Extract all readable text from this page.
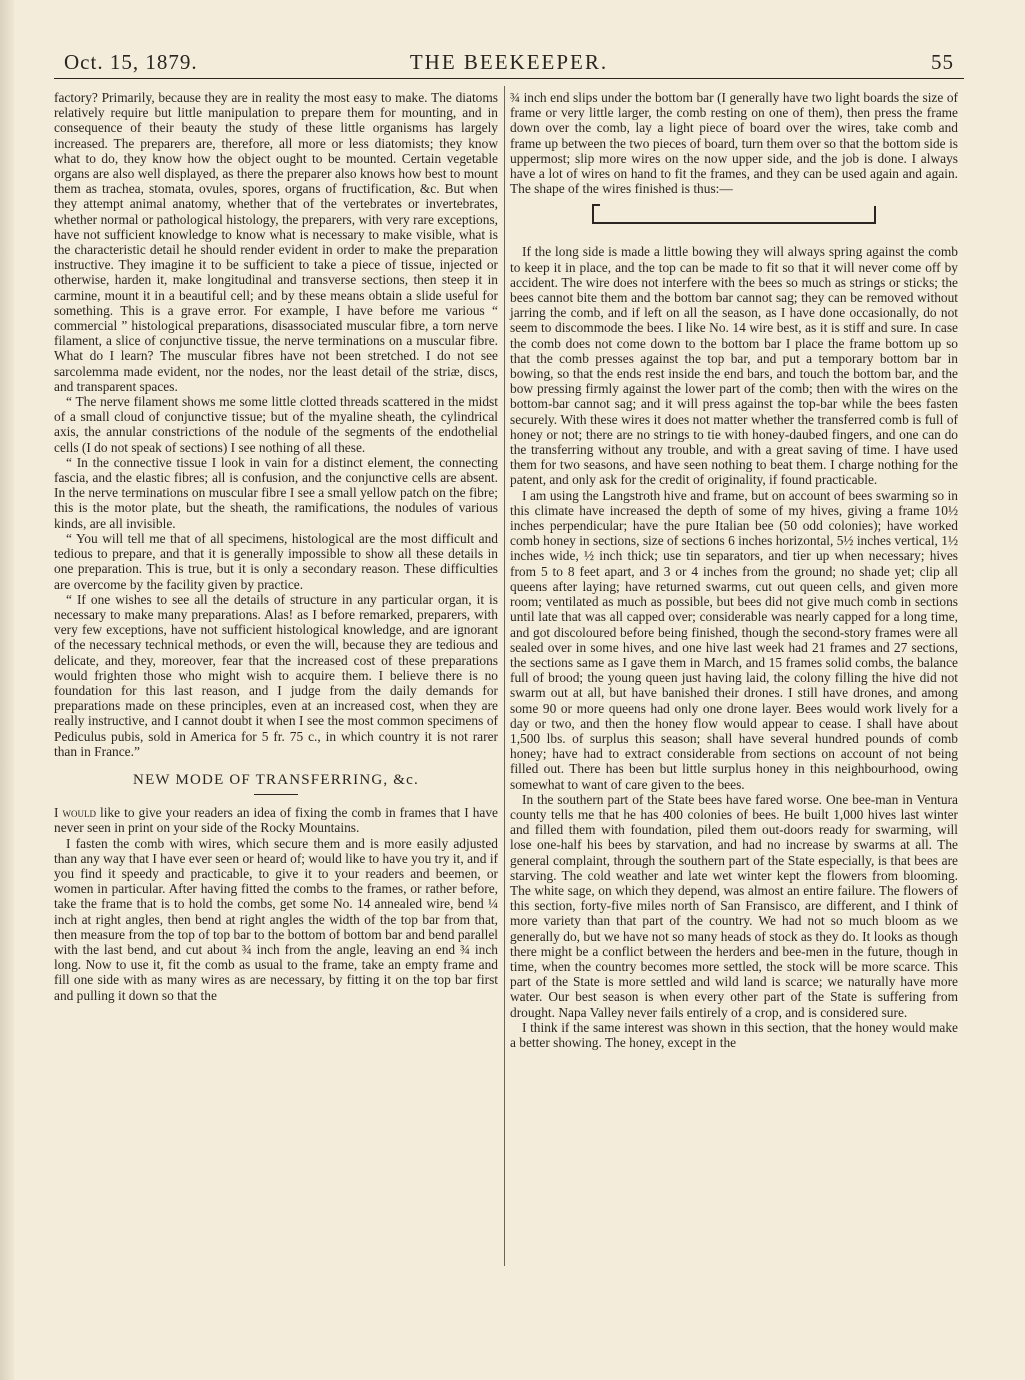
Oct. 15, 1879.	THE BEEKEEPER.	55

factory? Primarily, because they are in reality the most easy to make. The diatoms relatively require but little manipulation to prepare them for mounting, and in consequence of their beauty the study of these little organisms has largely increased. The preparers are, therefore, all more or less diatomists; they know what to do, they know how the object ought to be mounted. Certain vegetable organs are also well displayed, as there the preparer also knows how best to mount them as trachea, stomata, ovules, spores, organs of fructification, &c. But when they attempt animal anatomy, whether that of the vertebrates or invertebrates, whether normal or pathological histology, the preparers, with very rare exceptions, have not sufficient knowledge to know what is necessary to make visible, what is the characteristic detail he should render evident in order to make the preparation instructive. They imagine it to be sufficient to take a piece of tissue, injected or otherwise, harden it, make longitudinal and transverse sections, then steep it in carmine, mount it in a beautiful cell; and by these means obtain a slide useful for something. This is a grave error. For example, I have before me various “ commercial ” histological preparations, disassociated muscular fibre, a torn nerve filament, a slice of conjunctive tissue, the nerve terminations on a muscular fibre. What do I learn? The muscular fibres have not been stretched. I do not see sarcolemma made evident, nor the nodes, nor the least detail of the striæ, discs, and transparent spaces.

“ The nerve filament shows me some little clotted threads scattered in the midst of a small cloud of conjunctive tissue; but of the myaline sheath, the cylindrical axis, the annular constrictions of the nodule of the segments of the endothelial cells (I do not speak of sections) I see nothing of all these.

“ In the connective tissue I look in vain for a distinct element, the connecting fascia, and the elastic fibres; all is confusion, and the conjunctive cells are absent. In the nerve terminations on muscular fibre I see a small yellow patch on the fibre; this is the motor plate, but the sheath, the ramifications, the nodules of various kinds, are all invisible.

“ You will tell me that of all specimens, histological are the most difficult and tedious to prepare, and that it is generally impossible to show all these details in one preparation. This is true, but it is only a secondary reason. These difficulties are overcome by the facility given by practice.

“ If one wishes to see all the details of structure in any particular organ, it is necessary to make many preparations. Alas! as I before remarked, preparers, with very few exceptions, have not sufficient histological knowledge, and are ignorant of the necessary technical methods, or even the will, because they are tedious and delicate, and they, moreover, fear that the increased cost of these preparations would frighten those who might wish to acquire them. I believe there is no foundation for this last reason, and I judge from the daily demands for preparations made on these principles, even at an increased cost, when they are really instructive, and I cannot doubt it when I see the most common specimens of Pediculus pubis, sold in America for 5 fr. 75 c., in which country it is not rarer than in France.”

NEW MODE OF TRANSFERRING, &c.

I would like to give your readers an idea of fixing the comb in frames that I have never seen in print on your side of the Rocky Mountains.

I fasten the comb with wires, which secure them and is more easily adjusted than any way that I have ever seen or heard of; would like to have you try it, and if you find it speedy and practicable, to give it to your readers and beemen, or women in particular. After having fitted the combs to the frames, or rather before, take the frame that is to hold the combs, get some No. 14 annealed wire, bend ¼ inch at right angles, then bend at right angles the width of the top bar from that, then measure from the top of top bar to the bottom of bottom bar and bend parallel with the last bend, and cut about ¾ inch from the angle, leaving an end ¾ inch long. Now to use it, fit the comb as usual to the frame, take an empty frame and fill one side with as many wires as are necessary, by fitting it on the top bar first and pulling it down so that the

¾ inch end slips under the bottom bar (I generally have two light boards the size of frame or very little larger, the comb resting on one of them), then press the frame down over the comb, lay a light piece of board over the wires, take comb and frame up between the two pieces of board, turn them over so that the bottom side is uppermost; slip more wires on the now upper side, and the job is done. I always have a lot of wires on hand to fit the frames, and they can be used again and again. The shape of the wires finished is thus:—

If the long side is made a little bowing they will always spring against the comb to keep it in place, and the top can be made to fit so that it will never come off by accident. The wire does not interfere with the bees so much as strings or sticks; the bees cannot bite them and the bottom bar cannot sag; they can be removed without jarring the comb, and if left on all the season, as I have done occasionally, do not seem to discommode the bees. I like No. 14 wire best, as it is stiff and sure. In case the comb does not come down to the bottom bar I place the frame bottom up so that the comb presses against the top bar, and put a temporary bottom bar in bowing, so that the ends rest inside the end bars, and touch the bottom bar, and the bow pressing firmly against the lower part of the comb; then with the wires on the bottom-bar cannot sag; and it will press against the top-bar while the bees fasten securely. With these wires it does not matter whether the transferred comb is full of honey or not; there are no strings to tie with honey-daubed fingers, and one can do the transferring without any trouble, and with a great saving of time. I have used them for two seasons, and have seen nothing to beat them. I charge nothing for the patent, and only ask for the credit of originality, if found practicable.

I am using the Langstroth hive and frame, but on account of bees swarming so in this climate have increased the depth of some of my hives, giving a frame 10½ inches perpendicular; have the pure Italian bee (50 odd colonies); have worked comb honey in sections, size of sections 6 inches horizontal, 5½ inches vertical, 1½ inches wide, ½ inch thick; use tin separators, and tier up when necessary; hives from 5 to 8 feet apart, and 3 or 4 inches from the ground; no shade yet; clip all queens after laying; have returned swarms, cut out queen cells, and given more room; ventilated as much as possible, but bees did not give much comb in sections until late that was all capped over; considerable was nearly capped for a long time, and got discoloured before being finished, though the second-story frames were all sealed over in some hives, and one hive last week had 21 frames and 27 sections, the sections same as I gave them in March, and 15 frames solid combs, the balance full of brood; the young queen just having laid, the colony filling the hive did not swarm out at all, but have banished their drones. I still have drones, and among some 90 or more queens had only one drone layer. Bees would work lively for a day or two, and then the honey flow would appear to cease. I shall have about 1,500 lbs. of surplus this season; shall have several hundred pounds of comb honey; have had to extract considerable from sections on account of not being filled out. There has been but little surplus honey in this neighbourhood, owing somewhat to want of care given to the bees.

In the southern part of the State bees have fared worse. One bee-man in Ventura county tells me that he has 400 colonies of bees. He built 1,000 hives last winter and filled them with foundation, piled them out-doors ready for swarming, will lose one-half his bees by starvation, and had no increase by swarms at all. The general complaint, through the southern part of the State especially, is that bees are starving. The cold weather and late wet winter kept the flowers from blooming. The white sage, on which they depend, was almost an entire failure. The flowers of this section, forty-five miles north of San Fransisco, are different, and I think of more variety than that part of the country. We had not so much bloom as we generally do, but we have not so many heads of stock as they do. It looks as though there might be a conflict between the herders and bee-men in the future, though in time, when the country becomes more settled, the stock will be more scarce. This part of the State is more settled and wild land is scarce; we naturally have more water. Our best season is when every other part of the State is suffering from drought. Napa Valley never fails entirely of a crop, and is considered sure.

I think if the same interest was shown in this section, that the honey would make a better showing. The honey, except in the
